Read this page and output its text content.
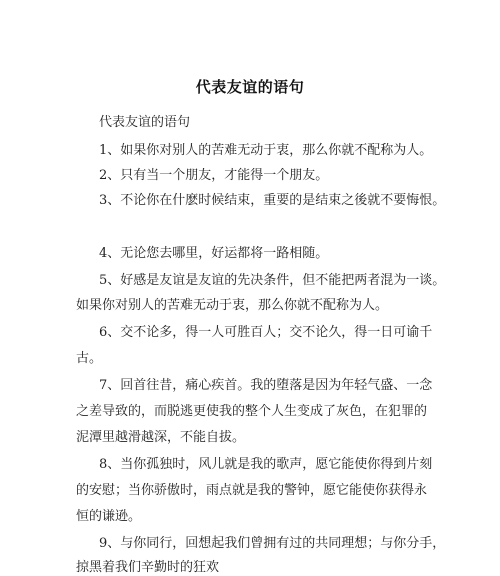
代表友谊的语句
代表友谊的语句
1、如果你对别人的苦难无动于衷，那么你就不配称为人。
2、只有当一个朋友，才能得一个朋友。
3、不论你在什麽时候结束，重要的是结束之後就不要悔恨。
4、无论您去哪里，好运都将一路相随。
5、好感是友谊是友谊的先决条件，但不能把两者混为一谈。
如果你对别人的苦难无动于衷，那么你就不配称为人。
6、交不论多，得一人可胜百人；交不论久，得一日可谕千
古。
7、回首往昔，痛心疾首。我的堕落是因为年轻气盛、一念
之差导致的，而脱逃更使我的整个人生变成了灰色，在犯罪的
泥潭里越滑越深，不能自拔。
8、当你孤独时，风儿就是我的歌声，愿它能使你得到片刻
的安慰；当你骄傲时，雨点就是我的警钟，愿它能使你获得永
恒的谦逊。
9、与你同行，回想起我们曾拥有过的共同理想；与你分手，
掠黑着我们辛勤时的狂欢
